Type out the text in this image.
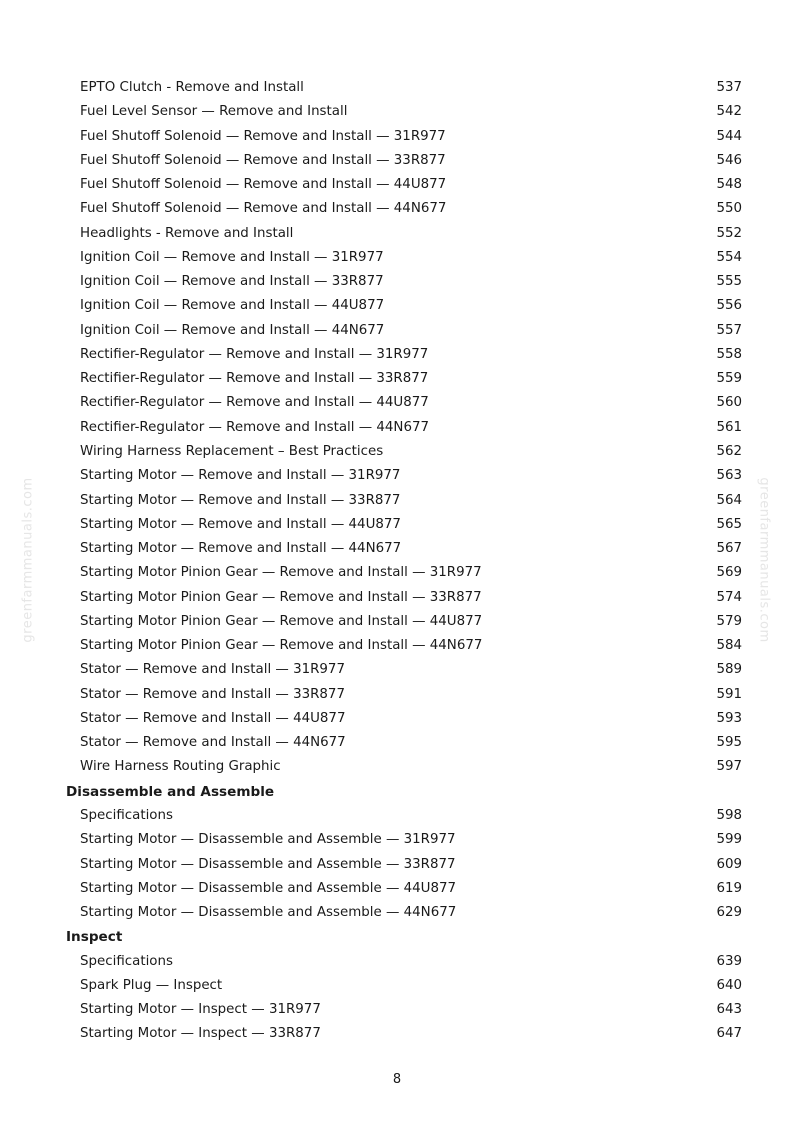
greenfarmmanuals.com	greenfarmmanuals.com
EPTO Clutch - Remove and Install	537
Fuel Level Sensor — Remove and Install	542
Fuel Shutoff Solenoid — Remove and Install — 31R977	544
Fuel Shutoff Solenoid — Remove and Install — 33R877	546
Fuel Shutoff Solenoid — Remove and Install — 44U877	548
Fuel Shutoff Solenoid — Remove and Install — 44N677	550
Headlights - Remove and Install	552
Ignition Coil — Remove and Install — 31R977	554
Ignition Coil — Remove and Install — 33R877	555
Ignition Coil — Remove and Install — 44U877	556
Ignition Coil — Remove and Install — 44N677	557
Rectifier-Regulator — Remove and Install — 31R977	558
Rectifier-Regulator — Remove and Install — 33R877	559
Rectifier-Regulator — Remove and Install — 44U877	560
Rectifier-Regulator — Remove and Install — 44N677	561
Wiring Harness Replacement – Best Practices	562
Starting Motor — Remove and Install — 31R977	563
Starting Motor — Remove and Install — 33R877	564
Starting Motor — Remove and Install — 44U877	565
Starting Motor — Remove and Install — 44N677	567
Starting Motor Pinion Gear — Remove and Install — 31R977	569
Starting Motor Pinion Gear — Remove and Install — 33R877	574
Starting Motor Pinion Gear — Remove and Install — 44U877	579
Starting Motor Pinion Gear — Remove and Install — 44N677	584
Stator — Remove and Install — 31R977	589
Stator — Remove and Install — 33R877	591
Stator — Remove and Install — 44U877	593
Stator — Remove and Install — 44N677	595
Wire Harness Routing Graphic	597
Disassemble and Assemble
Specifications	598
Starting Motor — Disassemble and Assemble — 31R977	599
Starting Motor — Disassemble and Assemble — 33R877	609
Starting Motor — Disassemble and Assemble — 44U877	619
Starting Motor — Disassemble and Assemble — 44N677	629
Inspect
Specifications	639
Spark Plug — Inspect	640
Starting Motor — Inspect — 31R977	643
Starting Motor — Inspect — 33R877	647
8
